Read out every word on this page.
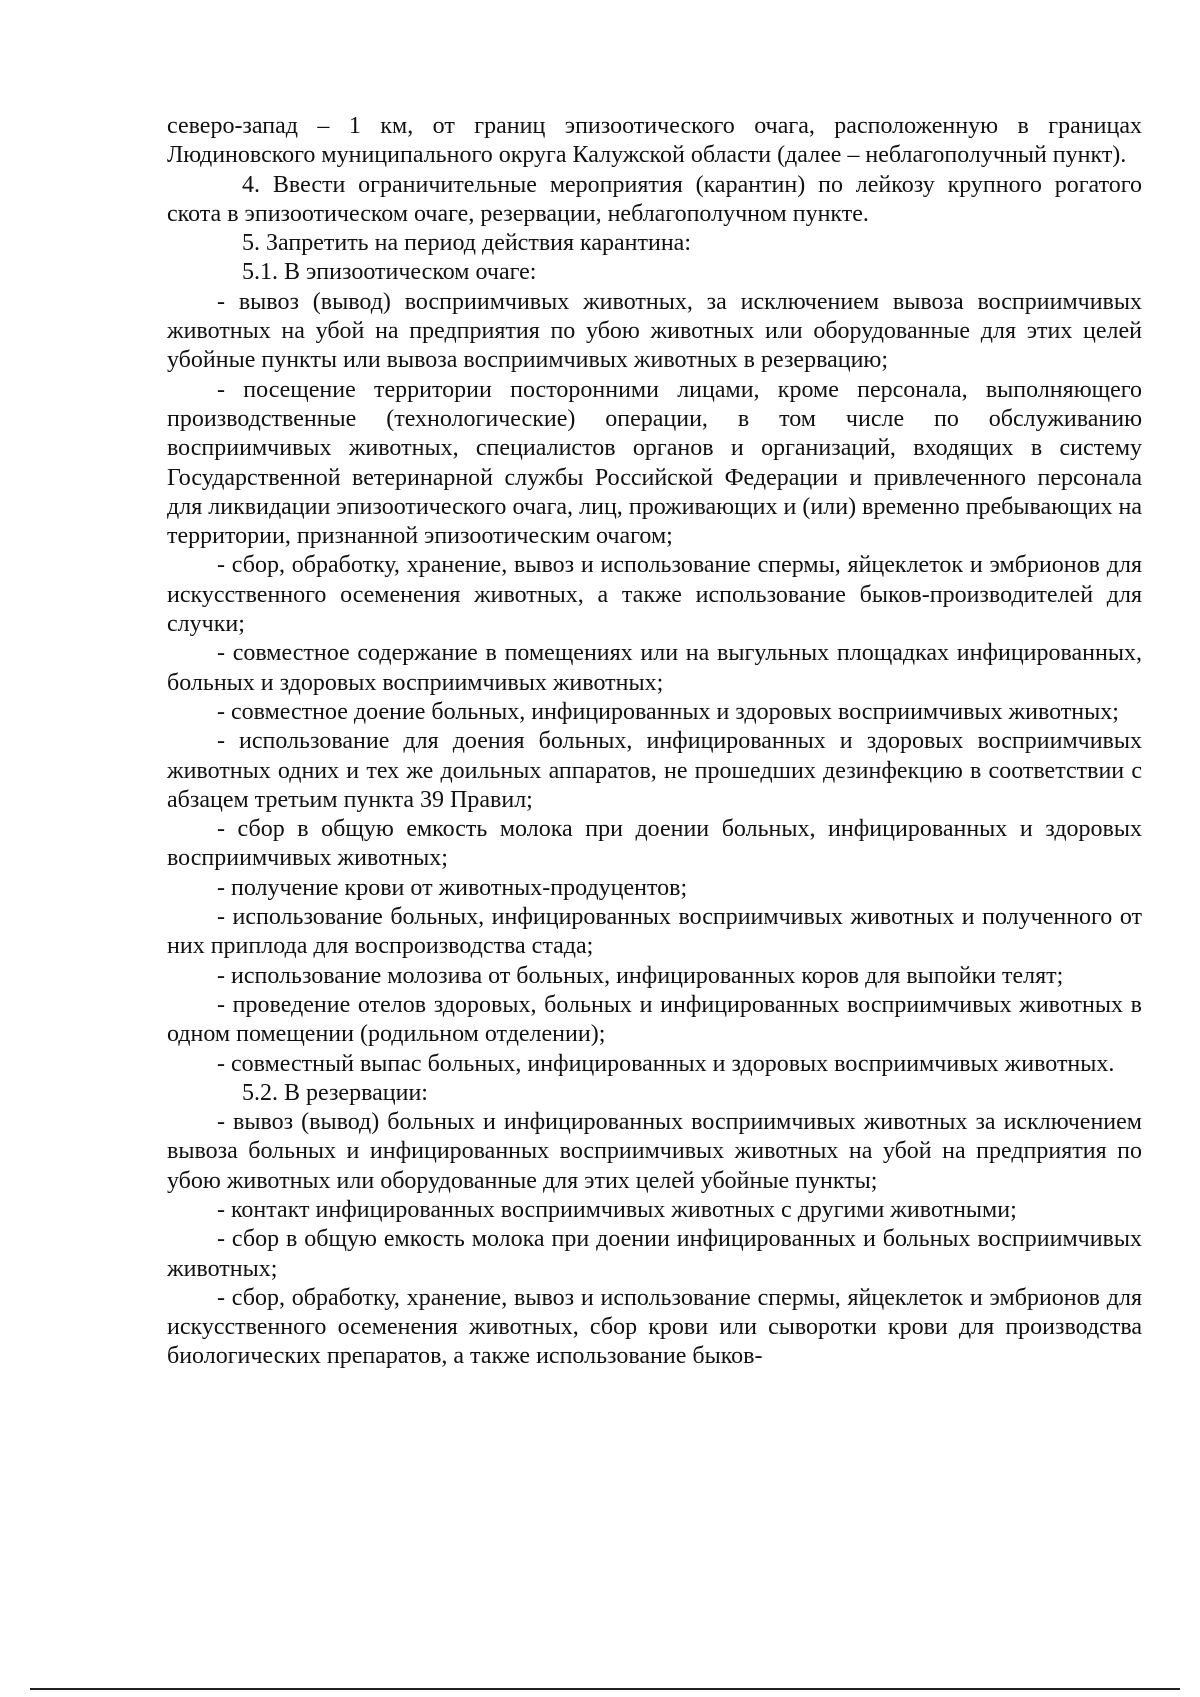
северо-запад – 1 км, от границ эпизоотического очага, расположенную в границах Людиновского муниципального округа Калужской области (далее – неблагополучный пункт).

4. Ввести ограничительные мероприятия (карантин) по лейкозу крупного рогатого скота в эпизоотическом очаге, резервации, неблагополучном пункте.

5. Запретить на период действия карантина:

5.1. В эпизоотическом очаге:

- вывоз (вывод) восприимчивых животных, за исключением вывоза восприимчивых животных на убой на предприятия по убою животных или оборудованные для этих целей убойные пункты или вывоза восприимчивых животных в резервацию;

- посещение территории посторонними лицами, кроме персонала, выполняющего производственные (технологические) операции, в том числе по обслуживанию восприимчивых животных, специалистов органов и организаций, входящих в систему Государственной ветеринарной службы Российской Федерации и привлеченного персонала для ликвидации эпизоотического очага, лиц, проживающих и (или) временно пребывающих на территории, признанной эпизоотическим очагом;

- сбор, обработку, хранение, вывоз и использование спермы, яйцеклеток и эмбрионов для искусственного осеменения животных, а также использование быков-производителей для случки;

- совместное содержание в помещениях или на выгульных площадках инфицированных, больных и здоровых восприимчивых животных;

- совместное доение больных, инфицированных и здоровых восприимчивых животных;

- использование для доения больных, инфицированных и здоровых восприимчивых животных одних и тех же доильных аппаратов, не прошедших дезинфекцию в соответствии с абзацем третьим пункта 39 Правил;

- сбор в общую емкость молока при доении больных, инфицированных и здоровых восприимчивых животных;

- получение крови от животных-продуцентов;

- использование больных, инфицированных восприимчивых животных и полученного от них приплода для воспроизводства стада;

- использование молозива от больных, инфицированных коров для выпойки телят;

- проведение отелов здоровых, больных и инфицированных восприимчивых животных в одном помещении (родильном отделении);

- совместный выпас больных, инфицированных и здоровых восприимчивых животных.

5.2. В резервации:

- вывоз (вывод) больных и инфицированных восприимчивых животных за исключением вывоза больных и инфицированных восприимчивых животных на убой на предприятия по убою животных или оборудованные для этих целей убойные пункты;

- контакт инфицированных восприимчивых животных с другими животными;

- сбор в общую емкость молока при доении инфицированных и больных восприимчивых животных;

- сбор, обработку, хранение, вывоз и использование спермы, яйцеклеток и эмбрионов для искусственного осеменения животных, сбор крови или сыворотки крови для производства биологических препаратов, а также использование быков-
